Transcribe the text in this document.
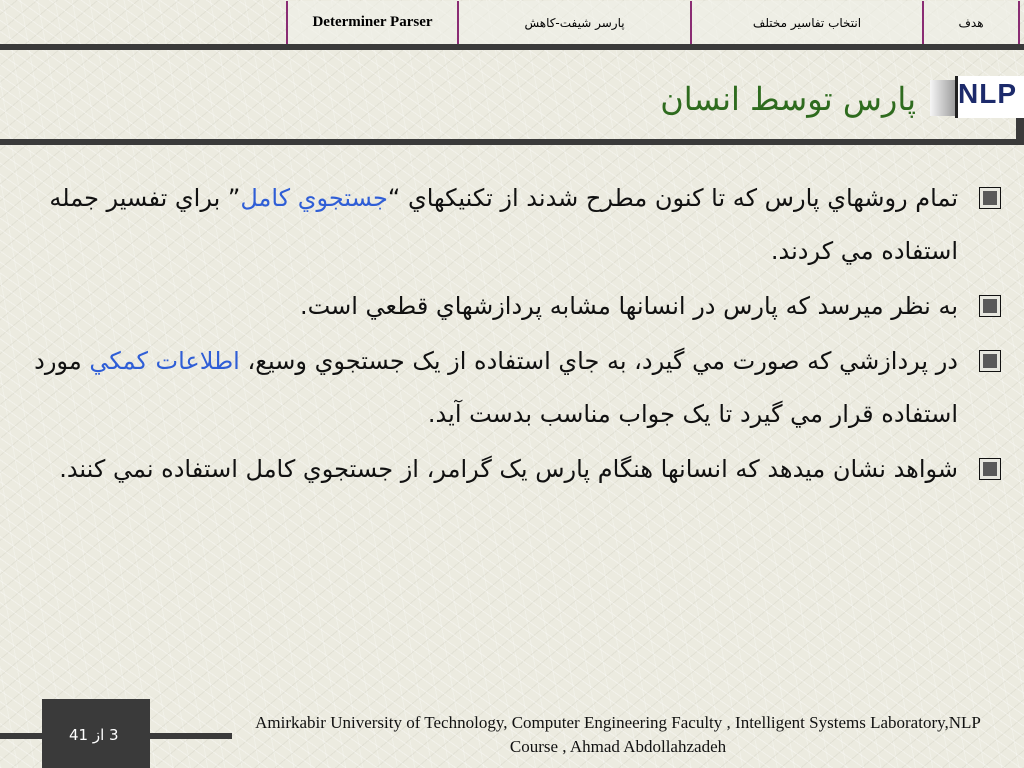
Determiner Parser	پارسر شيفت-کاهش	انتخاب تفاسير مختلف	هدف
پارس توسط انسان NLP
تمام روشهاي پارس که تا کنون مطرح شدند از تکنيکهاي “جستجوي کامل” براي تفسير جمله استفاده مي کردند.
به نظر ميرسد که پارس در انسانها مشابه پردازشهاي قطعي است.
در پردازشي که صورت مي گيرد، به جاي استفاده از يک جستجوي وسيع، اطلاعات کمکي مورد استفاده قرار مي گيرد تا يک جواب مناسب بدست آيد.
شواهد نشان ميدهد که انسانها هنگام پارس يک گرامر، از جستجوي کامل استفاده نمي کنند.
3 از 41
Amirkabir University of Technology, Computer Engineering Faculty , Intelligent Systems Laboratory,NLP Course , Ahmad Abdollahzadeh
